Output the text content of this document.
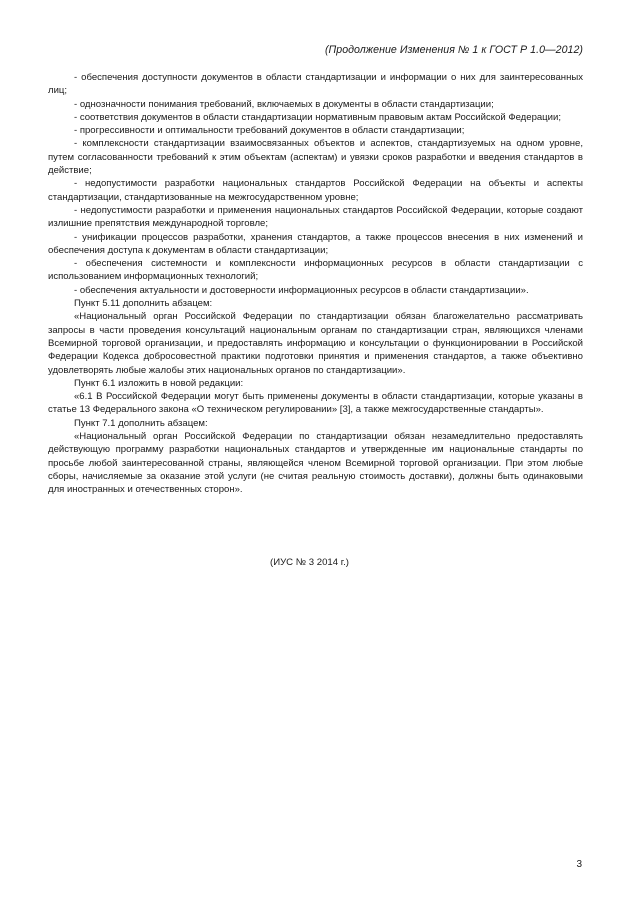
(Продолжение Изменения № 1 к ГОСТ Р 1.0—2012)

- обеспечения доступности документов в области стандартизации и информации о них для заинтересованных лиц;

- однозначности понимания требований, включаемых в документы в области стандартизации;

- соответствия документов в области стандартизации нормативным правовым актам Российской Федерации;

- прогрессивности и оптимальности требований документов в области стандартизации;

- комплексности стандартизации взаимосвязанных объектов и аспектов, стандартизуемых на одном уровне, путем согласованности требований к этим объектам (аспектам) и увязки сроков разработки и введения стандартов в действие;

- недопустимости разработки национальных стандартов Российской Федерации на объекты и аспекты стандартизации, стандартизованные на межгосударственном уровне;

- недопустимости разработки и применения национальных стандартов Российской Федерации, которые создают излишние препятствия международной торговле;

- унификации процессов разработки, хранения стандартов, а также процессов внесения в них изменений и обеспечения доступа к документам в области стандартизации;

- обеспечения системности и комплексности информационных ресурсов в области стандартизации с использованием информационных технологий;

- обеспечения актуальности и достоверности информационных ресурсов в области стандартизации».

Пункт 5.11 дополнить абзацем:

«Национальный орган Российской Федерации по стандартизации обязан благожелательно рассматривать запросы в части проведения консультаций национальным органам по стандартизации стран, являющихся членами Всемирной торговой организации, и предоставлять информацию и консультации о функционировании в Российской Федерации Кодекса добросовестной практики подготовки принятия и применения стандартов, а также объективно удовлетворять любые жалобы этих национальных органов по стандартизации».

Пункт 6.1 изложить в новой редакции:

«6.1 В Российской Федерации могут быть применены документы в области стандартизации, которые указаны в статье 13 Федерального закона «О техническом регулировании» [3], а также межгосударственные стандарты».

Пункт 7.1 дополнить абзацем:

«Национальный орган Российской Федерации по стандартизации обязан незамедлительно предоставлять действующую программу разработки национальных стандартов и утвержденные им национальные стандарты по просьбе любой заинтересованной страны, являющейся членом Всемирной торговой организации. При этом любые сборы, начисляемые за оказание этой услуги (не считая реальную стоимость доставки), должны быть одинаковыми для иностранных и отечественных сторон».

(ИУС № 3 2014 г.)
3
